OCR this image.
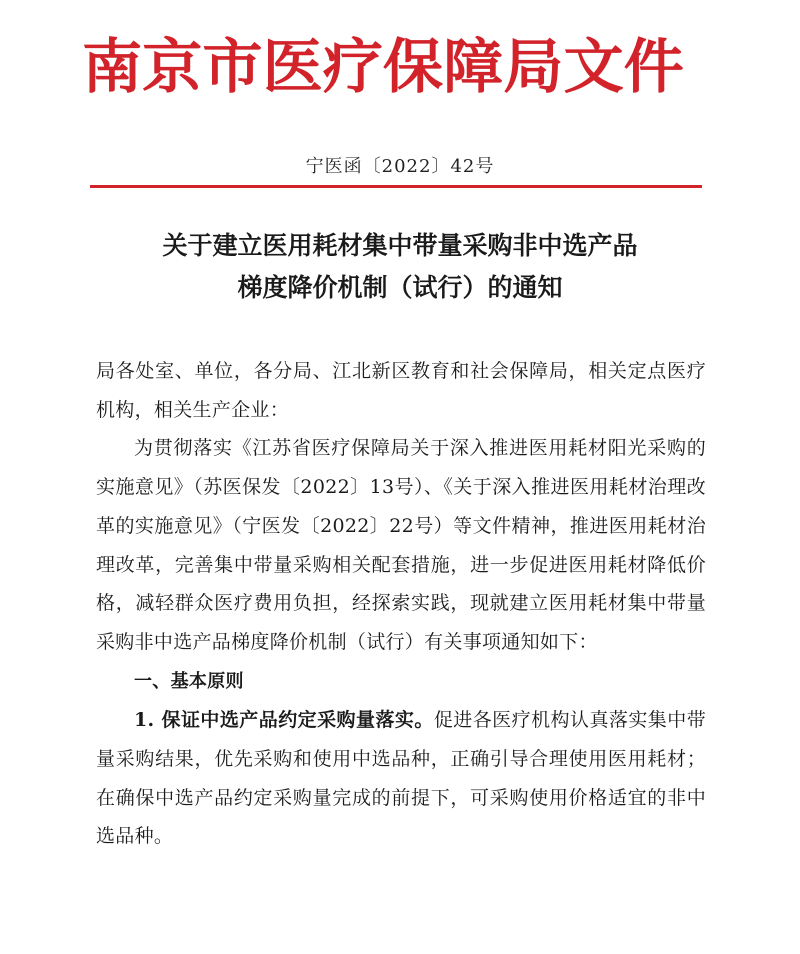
南京市医疗保障局文件
宁医函〔2022〕42号
关于建立医用耗材集中带量采购非中选产品
梯度降价机制（试行）的通知

局各处室、单位，各分局、江北新区教育和社会保障局，相关定点医疗机构，相关生产企业：

为贯彻落实《江苏省医疗保障局关于深入推进医用耗材阳光采购的实施意见》（苏医保发〔2022〕13号）、《关于深入推进医用耗材治理改革的实施意见》（宁医发〔2022〕22号）等文件精神，推进医用耗材治理改革，完善集中带量采购相关配套措施，进一步促进医用耗材降低价格，减轻群众医疗费用负担，经探索实践，现就建立医用耗材集中带量采购非中选产品梯度降价机制（试行）有关事项通知如下：

一、基本原则

1. 保证中选产品约定采购量落实。促进各医疗机构认真落实集中带量采购结果，优先采购和使用中选品种，正确引导合理使用医用耗材；在确保中选产品约定采购量完成的前提下，可采购使用价格适宜的非中选品种。
